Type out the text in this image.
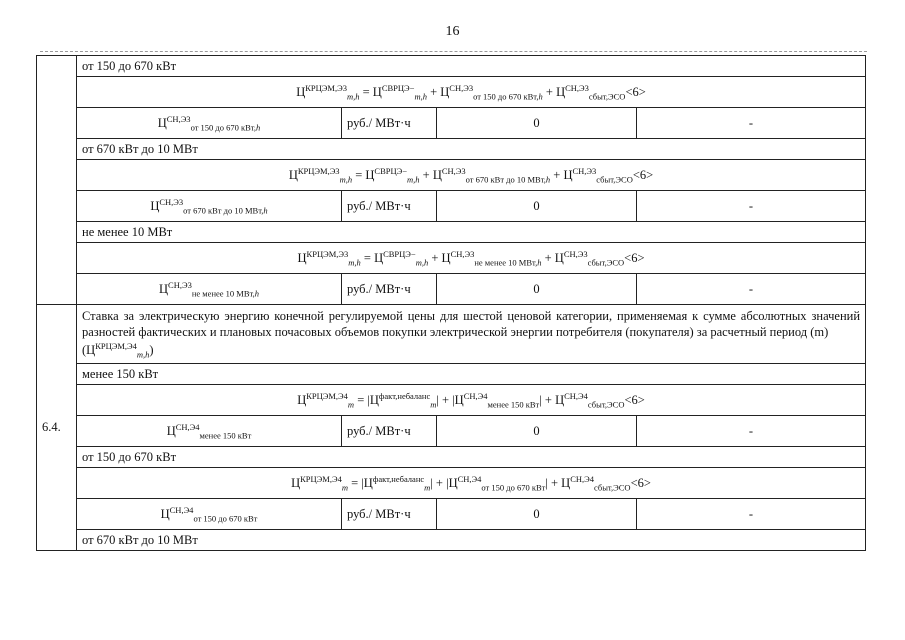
16
	от 150 до 670 кВт			
	$Ц^{КРЦЭМ,Э3}_{m,h} = Ц^{СВРЦЭ-}_{m,h} + Ц^{СН,Э3}_{от 150 до 670 кВт,h} + Ц^{СН,Э3}_{сбыт,ЭСО}<6>$			
	$Ц^{СН,Э3}_{от 150 до 670 кВт,h}$	руб./ МВт·ч	0	-
	от 670 кВт до 10 МВт			
	$Ц^{КРЦЭМ,Э3}_{m,h} = Ц^{СВРЦЭ-}_{m,h} + Ц^{СН,Э3}_{от 670 кВт до 10 МВт,h} + Ц^{СН,Э3}_{сбыт,ЭСО}<6>$			
	$Ц^{СН,Э3}_{от 670 кВт до 10 МВт,h}$	руб./ МВт·ч	0	-
	не менее 10 МВт			
	$Ц^{КРЦЭМ,Э3}_{m,h} = Ц^{СВРЦЭ-}_{m,h} + Ц^{СН,Э3}_{не менее 10 МВт,h} + Ц^{СН,Э3}_{сбыт,ЭСО}<6>$			
	$Ц^{СН,Э3}_{не менее 10 МВт,h}$	руб./ МВт·ч	0	-
6.4.	Ставка за электрическую энергию конечной регулируемой цены для шестой ценовой категории, применяемая к сумме абсолютных значений разностей фактических и плановых почасовых объемов покупки электрической энергии потребителя (покупателя) за расчетный период (m)
$(Ц^{КРЦЭМ,Э4}_{m,h})$			
	менее 150 кВт			
	$Ц^{КРЦЭМ,Э4}_m = |Ц^{факт,небаланс}_m| + |Ц^{СН,Э4}_{менее 150 кВт}| + Ц^{СН,Э4}_{сбыт,ЭСО}<6>$			
	$Ц^{СН,Э4}_{менее 150 кВт}$	руб./ МВт·ч	0	-
	от 150 до 670 кВт			
	$Ц^{КРЦЭМ,Э4}_m = |Ц^{факт,небаланс}_m| + |Ц^{СН,Э4}_{от 150 до 670 кВт}| + Ц^{СН,Э4}_{сбыт,ЭСО}<6>$			
	$Ц^{СН,Э4}_{от 150 до 670 кВт}$	руб./ МВт·ч	0	-
	от 670 кВт до 10 МВт			
